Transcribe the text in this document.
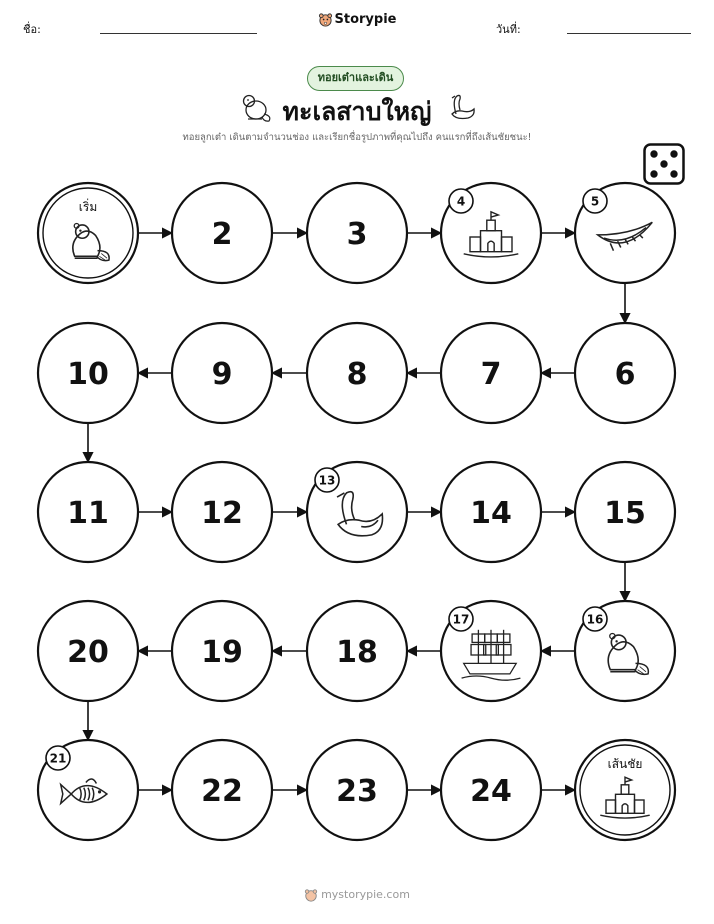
ชื่อ:
Storypie
วันที่:
ทอยเต๋าและเดิน
ทะเลสาบใหญ่
ทอยลูกเต๋า เดินตามจำนวนช่อง และเรียกชื่อรูปภาพที่คุณไปถึง คนแรกที่ถึงเส้นชัยชนะ!
เริ่ม
2	3
4	5
6
7
8
9
10
11	12
13
14	15
16
17
18
19
20
21
22	23	24
เส้นชัย
mystorypie.com
